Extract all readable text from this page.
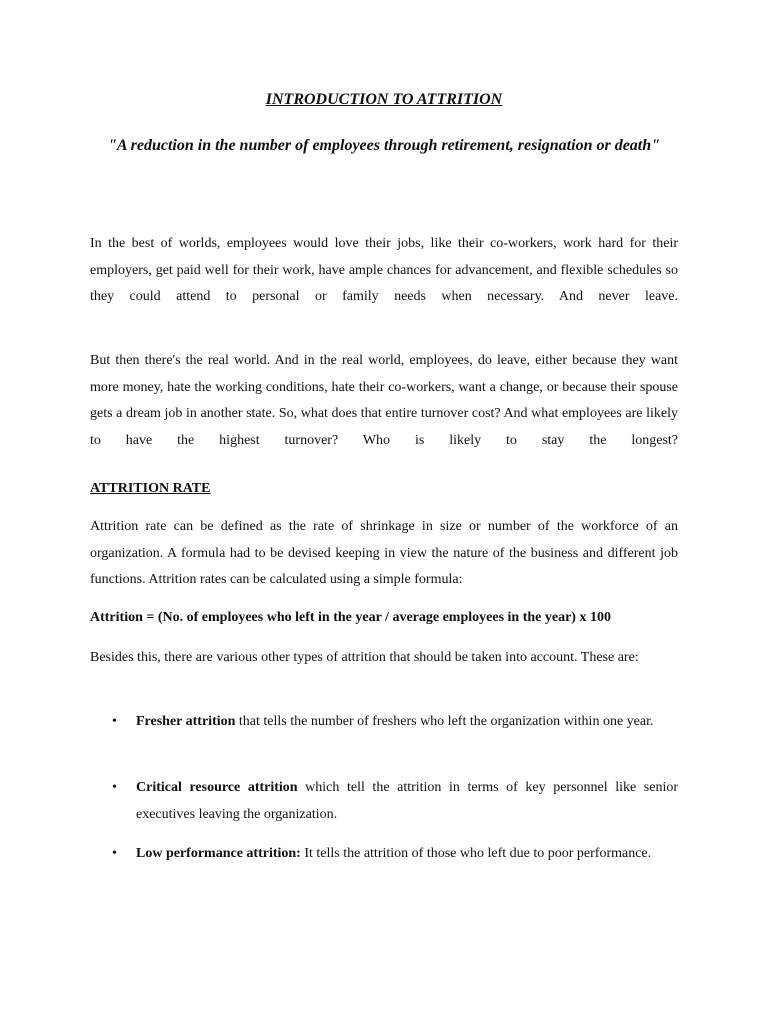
INTRODUCTION TO ATTRITION
"A reduction in the number of employees through retirement, resignation or death"

In the best of worlds, employees would love their jobs, like their co-workers, work hard for their employers, get paid well for their work, have ample chances for advancement, and flexible schedules so they could attend to personal or family needs when necessary. And never leave.

But then there's the real world. And in the real world, employees, do leave, either because they want more money, hate the working conditions, hate their co-workers, want a change, or because their spouse gets a dream job in another state. So, what does that entire turnover cost? And what employees are likely to have the highest turnover? Who is likely to stay the longest?

ATTRITION RATE

Attrition rate can be defined as the rate of shrinkage in size or number of the workforce of an organization. A formula had to be devised keeping in view the nature of the business and different job functions. Attrition rates can be calculated using a simple formula:

Attrition = (No. of employees who left in the year / average employees in the year) x 100

Besides this, there are various other types of attrition that should be taken into account. These are:

• Fresher attrition that tells the number of freshers who left the organization within one year.
• Critical resource attrition which tell the attrition in terms of key personnel like senior executives leaving the organization.
• Low performance attrition: It tells the attrition of those who left due to poor performance.
